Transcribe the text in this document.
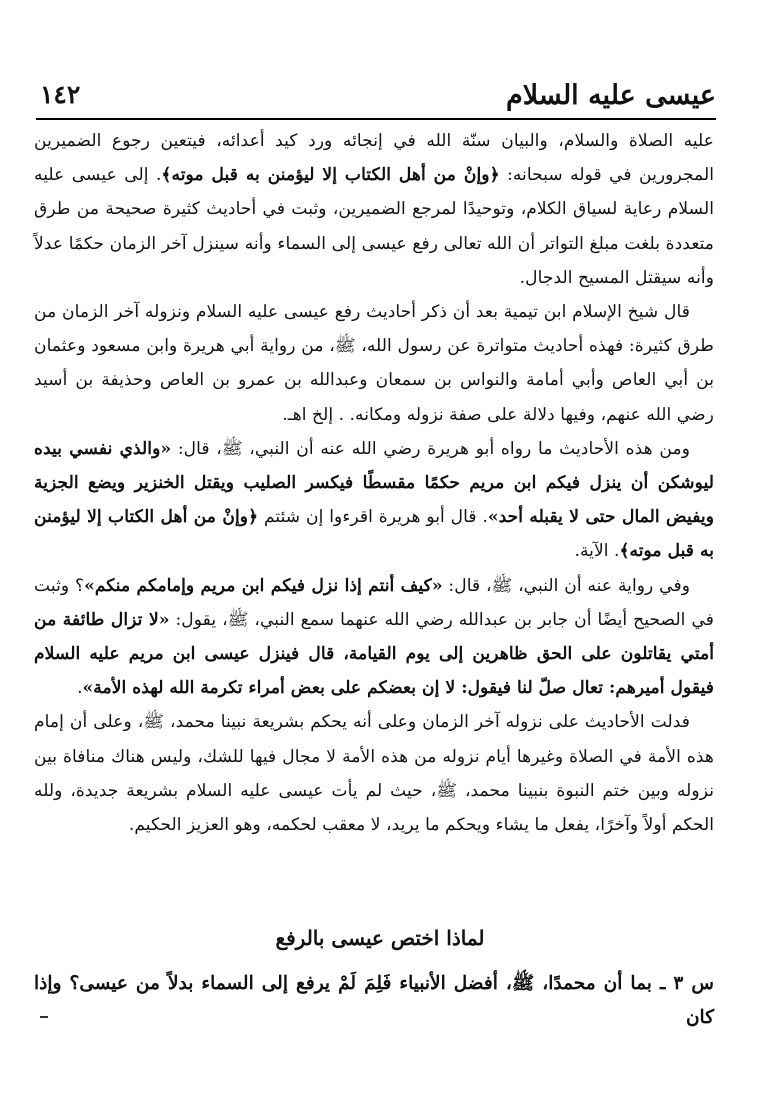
عيسى عليه السلام
١٤٢

عليه الصلاة والسلام، والبيان سنّة الله في إنجائه ورد كيد أعدائه، فيتعين رجوع الضميرين المجرورين في قوله سبحانه: ﴿وإنْ من أهل الكتاب إلا ليؤمنن به قبل موته﴾. إلى عيسى عليه السلام رعاية لسياق الكلام، وتوحيدًا لمرجع الضميرين، وثبت في أحاديث كثيرة صحيحة من طرق متعددة بلغت مبلغ التواتر أن الله تعالى رفع عيسى إلى السماء وأنه سينزل آخر الزمان حكمًا عدلاً وأنه سيقتل المسيح الدجال.

قال شيخ الإسلام ابن تيمية بعد أن ذكر أحاديث رفع عيسى عليه السلام ونزوله آخر الزمان من طرق كثيرة: فهذه أحاديث متواترة عن رسول الله، ﷺ، من رواية أبي هريرة وابن مسعود وعثمان بن أبي العاص وأبي أمامة والنواس بن سمعان وعبدالله بن عمرو بن العاص وحذيفة بن أسيد رضي الله عنهم، وفيها دلالة على صفة نزوله ومكانه. . إلخ اهـ.

ومن هذه الأحاديث ما رواه أبو هريرة رضي الله عنه أن النبي، ﷺ، قال: «والذي نفسي بيده ليوشكن أن ينزل فيكم ابن مريم حكمًا مقسطًا فيكسر الصليب ويقتل الخنزير ويضع الجزية ويفيض المال حتى لا يقبله أحد». قال أبو هريرة اقرءوا إن شئتم ﴿وإنْ من أهل الكتاب إلا ليؤمنن به قبل موته﴾. الآية.

وفي رواية عنه أن النبي، ﷺ، قال: «كيف أنتم إذا نزل فيكم ابن مريم وإمامكم منكم»؟ وثبت في الصحيح أيضًا أن جابر بن عبدالله رضي الله عنهما سمع النبي، ﷺ، يقول: «لا تزال طائفة من أمتي يقاتلون على الحق ظاهرين إلى يوم القيامة، قال فينزل عيسى ابن مريم عليه السلام فيقول أميرهم: تعال صلّ لنا فيقول: لا إن بعضكم على بعض أمراء تكرمة الله لهذه الأمة».

فدلت الأحاديث على نزوله آخر الزمان وعلى أنه يحكم بشريعة نبينا محمد، ﷺ، وعلى أن إمام هذه الأمة في الصلاة وغيرها أيام نزوله من هذه الأمة لا مجال فيها للشك، وليس هناك منافاة بين نزوله وبين ختم النبوة بنبينا محمد، ﷺ، حيث لم يأت عيسى عليه السلام بشريعة جديدة، ولله الحكم أولاً وآخرًا، يفعل ما يشاء ويحكم ما يريد، لا معقب لحكمه، وهو العزيز الحكيم.

لماذا اختص عيسى بالرفع
س ٣ ـ بما أن محمدًا، ﷺ، أفضل الأنبياء فَلِمَ لَمْ يرفع إلى السماء بدلاً من عيسى؟ وإذا كان
